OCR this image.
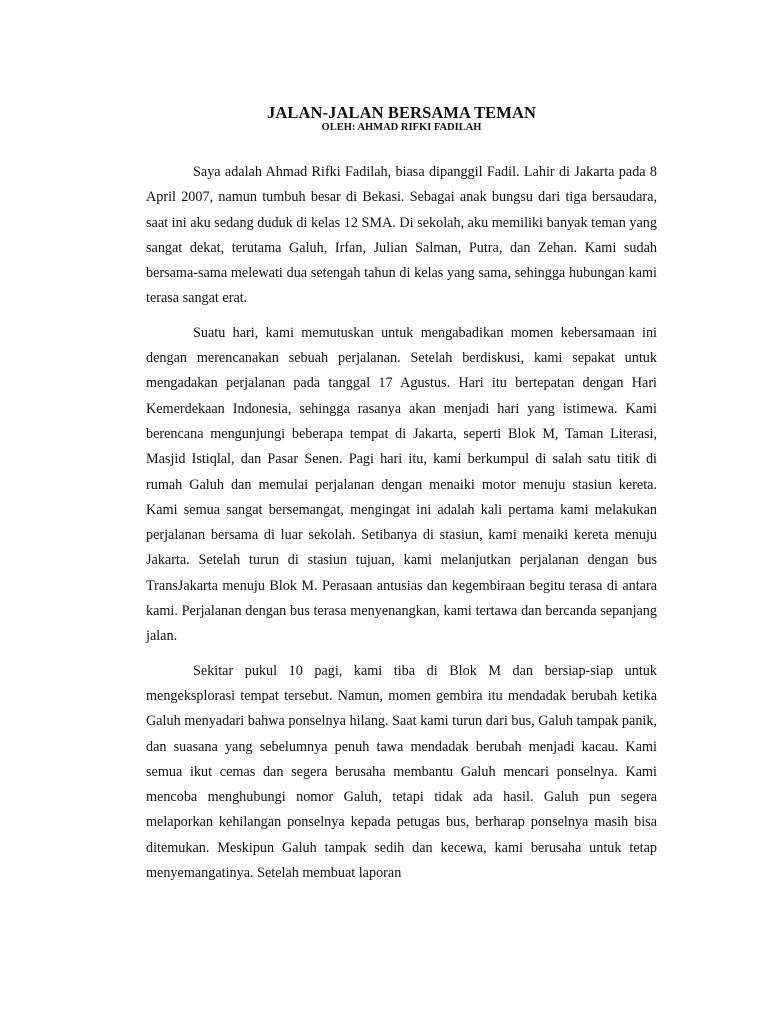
JALAN-JALAN BERSAMA TEMAN
OLEH: AHMAD RIFKI FADILAH

Saya adalah Ahmad Rifki Fadilah, biasa dipanggil Fadil. Lahir di Jakarta pada 8 April 2007, namun tumbuh besar di Bekasi. Sebagai anak bungsu dari tiga bersaudara, saat ini aku sedang duduk di kelas 12 SMA. Di sekolah, aku memiliki banyak teman yang sangat dekat, terutama Galuh, Irfan, Julian Salman, Putra, dan Zehan. Kami sudah bersama-sama melewati dua setengah tahun di kelas yang sama, sehingga hubungan kami terasa sangat erat.

Suatu hari, kami memutuskan untuk mengabadikan momen kebersamaan ini dengan merencanakan sebuah perjalanan. Setelah berdiskusi, kami sepakat untuk mengadakan perjalanan pada tanggal 17 Agustus. Hari itu bertepatan dengan Hari Kemerdekaan Indonesia, sehingga rasanya akan menjadi hari yang istimewa. Kami berencana mengunjungi beberapa tempat di Jakarta, seperti Blok M, Taman Literasi, Masjid Istiqlal, dan Pasar Senen. Pagi hari itu, kami berkumpul di salah satu titik di rumah Galuh dan memulai perjalanan dengan menaiki motor menuju stasiun kereta. Kami semua sangat bersemangat, mengingat ini adalah kali pertama kami melakukan perjalanan bersama di luar sekolah. Setibanya di stasiun, kami menaiki kereta menuju Jakarta. Setelah turun di stasiun tujuan, kami melanjutkan perjalanan dengan bus TransJakarta menuju Blok M. Perasaan antusias dan kegembiraan begitu terasa di antara kami. Perjalanan dengan bus terasa menyenangkan, kami tertawa dan bercanda sepanjang jalan.

Sekitar pukul 10 pagi, kami tiba di Blok M dan bersiap-siap untuk mengeksplorasi tempat tersebut. Namun, momen gembira itu mendadak berubah ketika Galuh menyadari bahwa ponselnya hilang. Saat kami turun dari bus, Galuh tampak panik, dan suasana yang sebelumnya penuh tawa mendadak berubah menjadi kacau. Kami semua ikut cemas dan segera berusaha membantu Galuh mencari ponselnya. Kami mencoba menghubungi nomor Galuh, tetapi tidak ada hasil. Galuh pun segera melaporkan kehilangan ponselnya kepada petugas bus, berharap ponselnya masih bisa ditemukan. Meskipun Galuh tampak sedih dan kecewa, kami berusaha untuk tetap menyemangatinya. Setelah membuat laporan
